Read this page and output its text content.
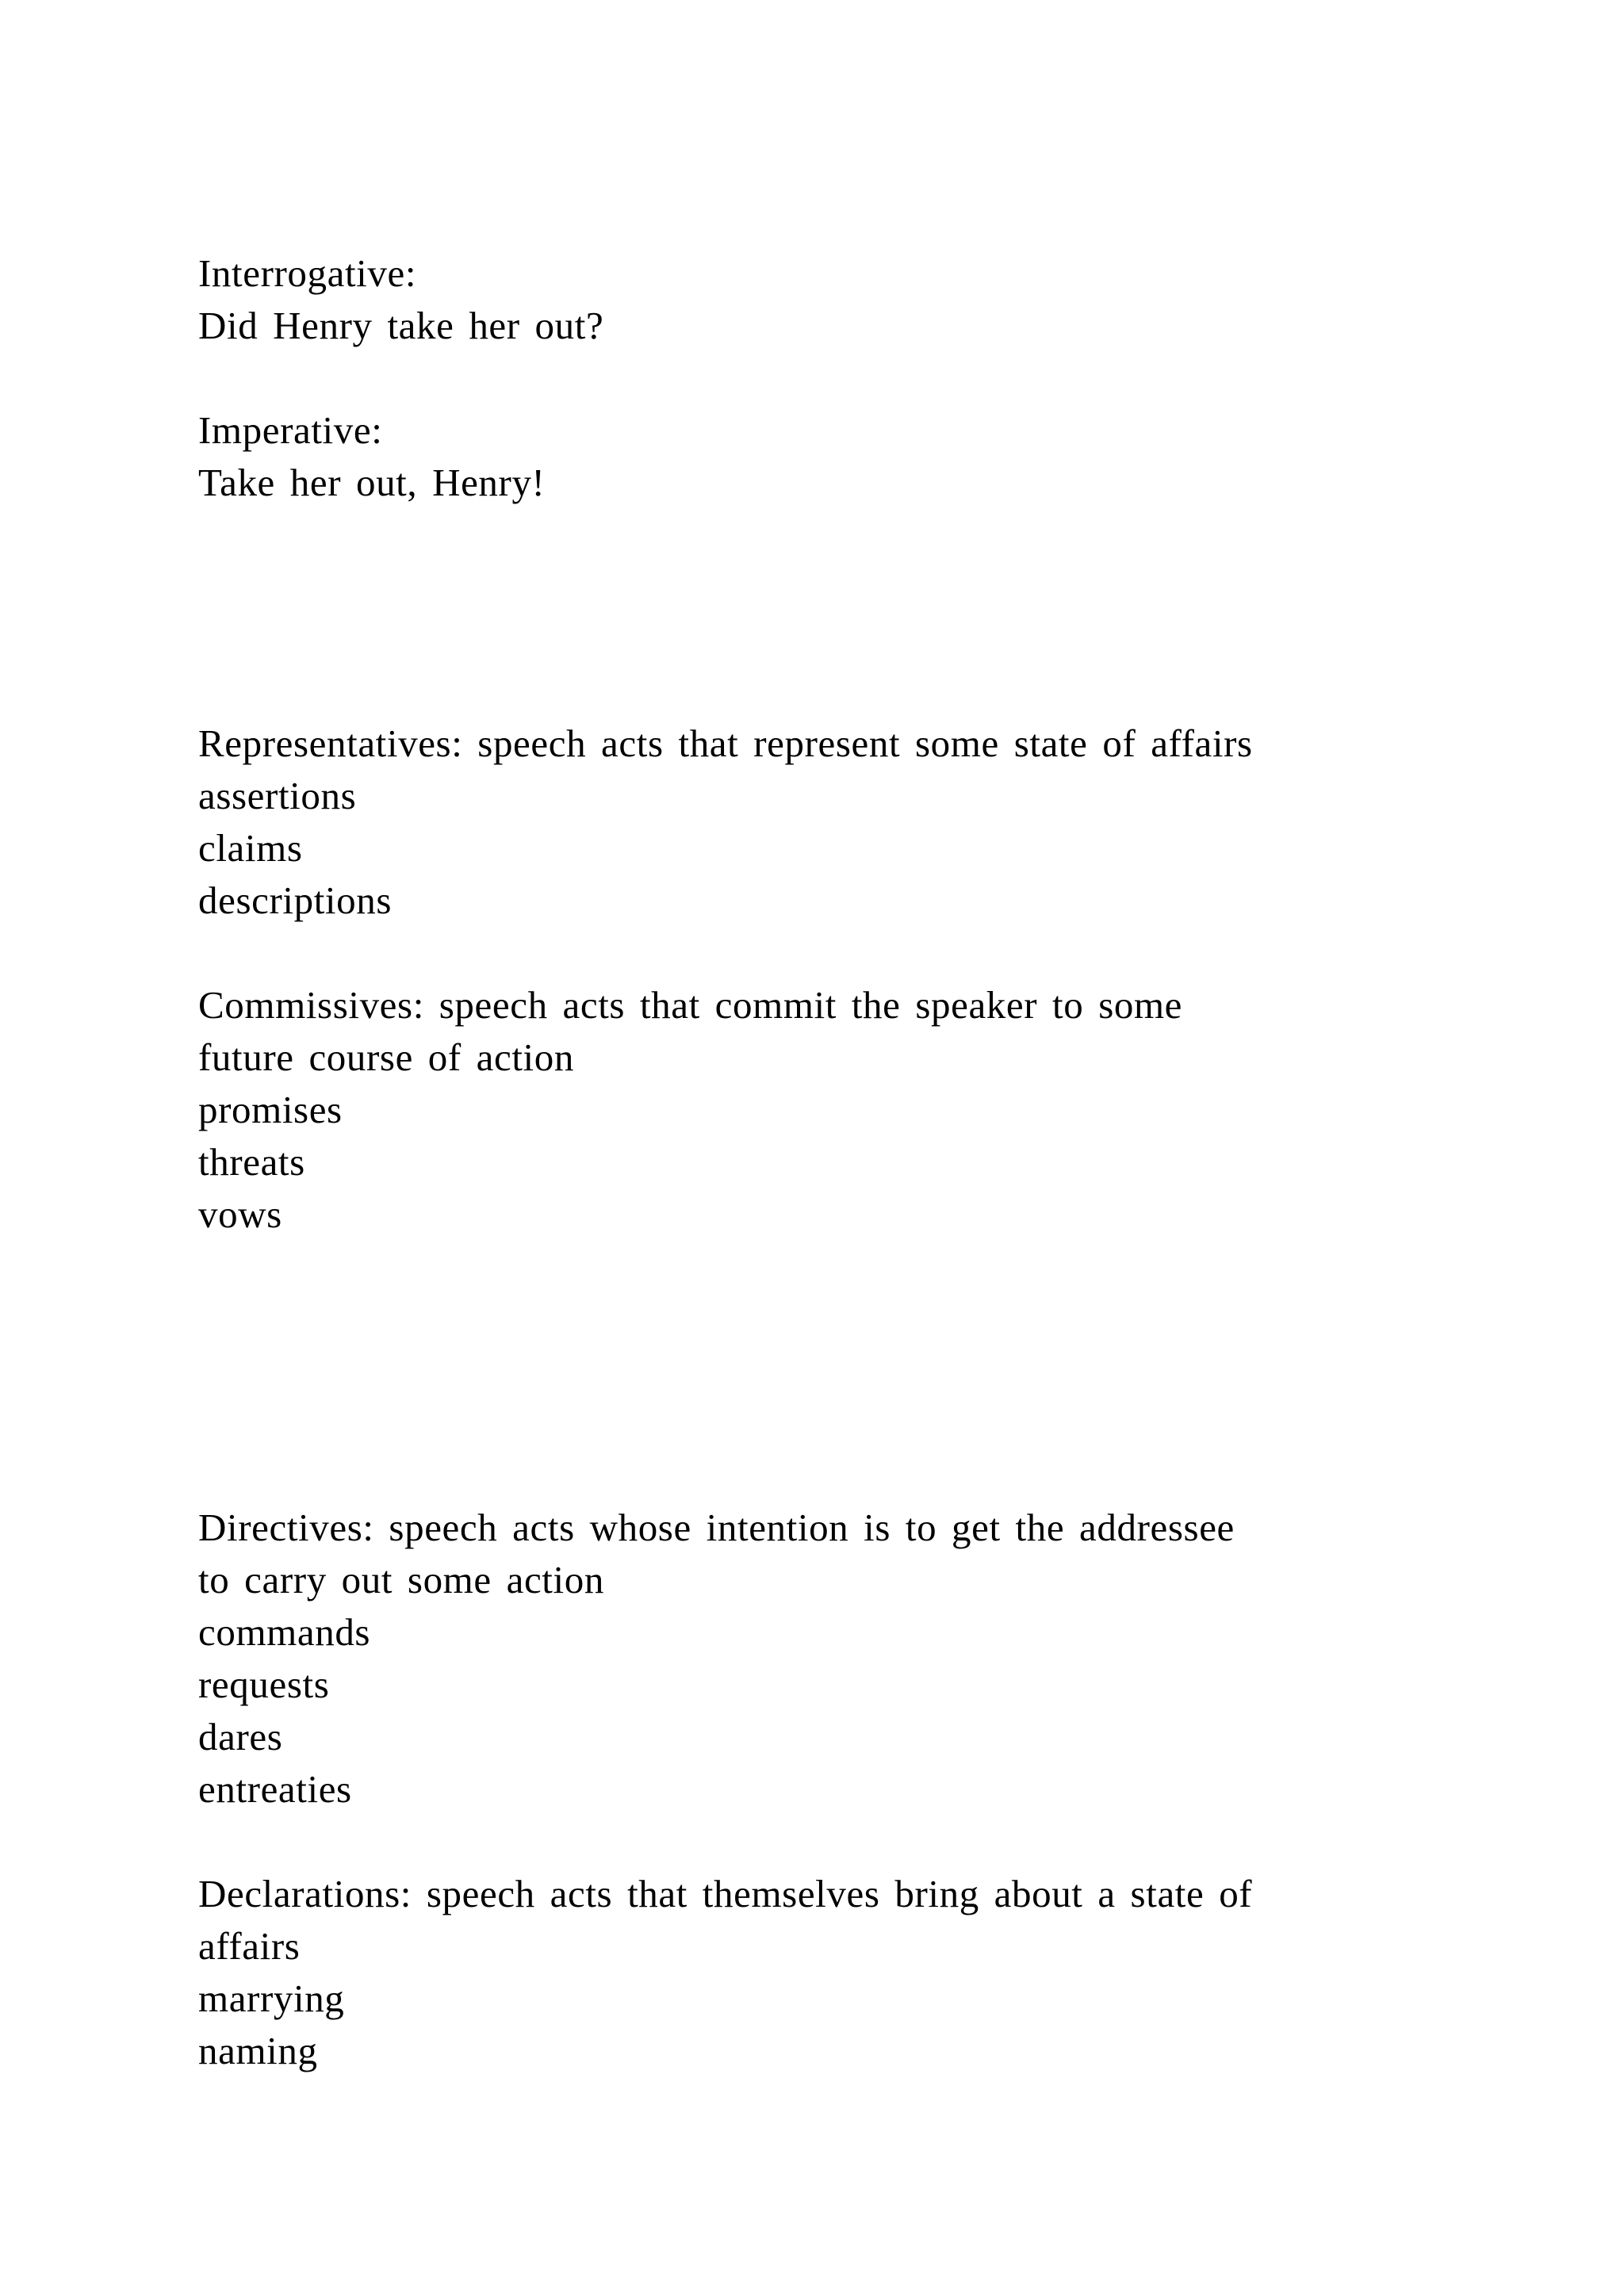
Interrogative:

Did Henry take her out?

Imperative:

Take her out, Henry!

Representatives: speech acts that represent some state of affairs

assertions

claims

descriptions

Commissives: speech acts that commit the speaker to some

future course of action

promises

threats

vows

Directives: speech acts whose intention is to get the addressee

to carry out some action

commands

requests

dares

entreaties

Declarations: speech acts that themselves bring about a state of

affairs

marrying

naming
